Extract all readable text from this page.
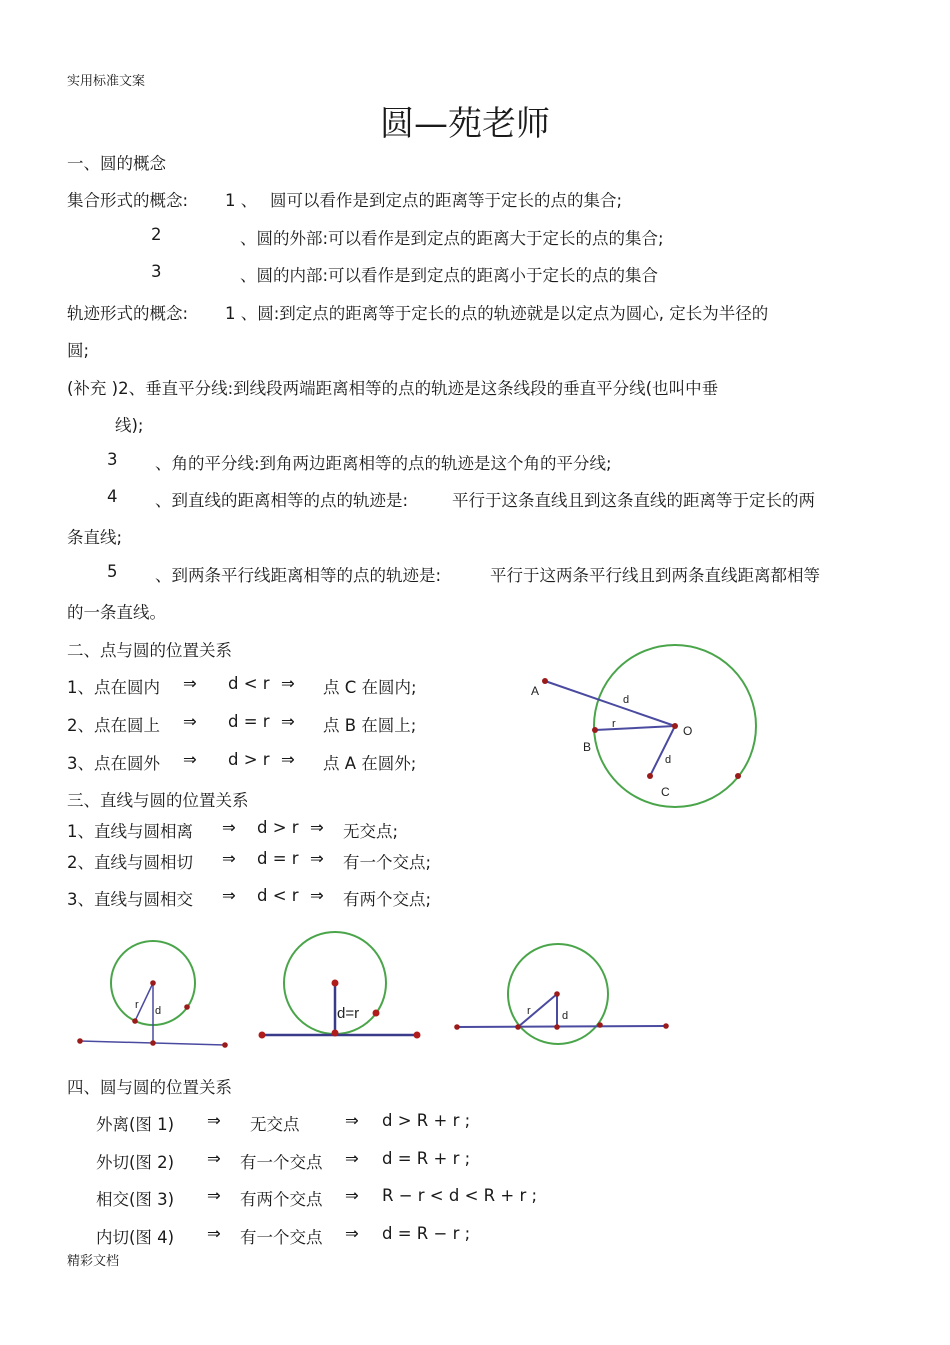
实用标准文案
圆—苑老师
一、圆的概念
集合形式的概念: 1 、 圆可以看作是到定点的距离等于定长的点的集合;
2	、圆的外部:可以看作是到定点的距离大于定长的点的集合;
3	、圆的内部:可以看作是到定点的距离小于定长的点的集合
轨迹形式的概念: 1 、圆:到定点的距离等于定长的点的轨迹就是以定点为圆心, 定长为半径的
圆;
(补充 )2、垂直平分线:到线段两端距离相等的点的轨迹是这条线段的垂直平分线(也叫中垂
线);
3 、角的平分线:到角两边距离相等的点的轨迹是这个角的平分线;
4 、到直线的距离相等的点的轨迹是:	平行于这条直线且到这条直线的距离等于定长的两
条直线;
5 、到两条平行线距离相等的点的轨迹是:	平行于这两条平行线且到两条直线距离都相等
的一条直线。
二、点与圆的位置关系
1、点在圆内 ⇒ d < r ⇒ 点 C 在圆内;
2、点在圆上 ⇒ d = r ⇒ 点 B 在圆上;
3、点在圆外 ⇒ d > r ⇒ 点 A 在圆外;
A
d
r	O
B
d
C
三、直线与圆的位置关系
1、直线与圆相离 ⇒ d > r ⇒ 无交点;
2、直线与圆相切 ⇒ d = r ⇒ 有一个交点;
3、直线与圆相交 ⇒ d < r ⇒ 有两个交点;
r d	d=r	r	d
四、圆与圆的位置关系
外离(图 1) ⇒ 无交点	⇒ d > R + r ;
外切(图 2) ⇒ 有一个交点 ⇒ d = R + r ;
相交(图 3) ⇒ 有两个交点 ⇒ R − r < d < R + r ;
内切(图 4) ⇒ 有一个交点 ⇒ d = R − r ;
精彩文档
